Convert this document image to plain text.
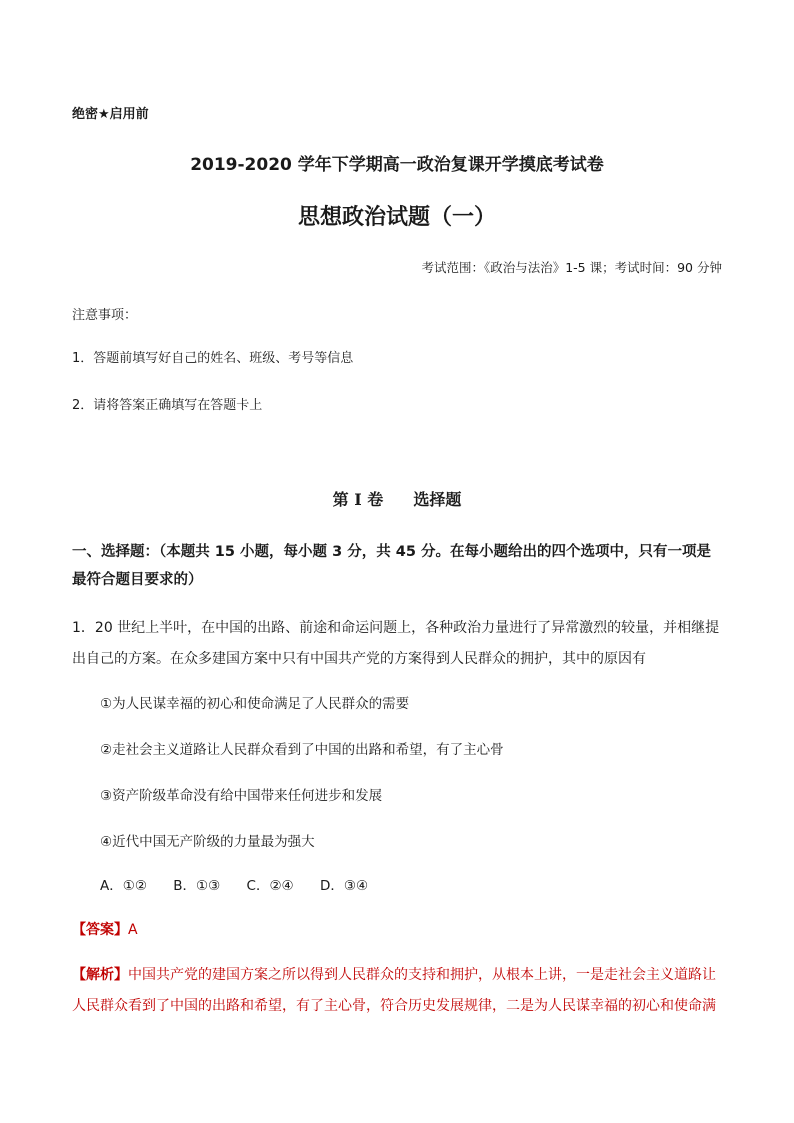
绝密★启用前
2019-2020 学年下学期高一政治复课开学摸底考试卷
思想政治试题（一）
考试范围：《政治与法治》1-5 课；考试时间：90 分钟
注意事项：
1．答题前填写好自己的姓名、班级、考号等信息
2．请将答案正确填写在答题卡上
第 I 卷 选择题
一、选择题：（本题共 15 小题，每小题 3 分，共 45 分。在每小题给出的四个选项中，只有一项是最符合题目要求的）
1．20 世纪上半叶，在中国的出路、前途和命运问题上，各种政治力量进行了异常激烈的较量，并相继提出自己的方案。在众多建国方案中只有中国共产党的方案得到人民群众的拥护，其中的原因有
①为人民谋幸福的初心和使命满足了人民群众的需要
②走社会主义道路让人民群众看到了中国的出路和希望，有了主心骨
③资产阶级革命没有给中国带来任何进步和发展
④近代中国无产阶级的力量最为强大
A．①② B．①③ C．②④ D．③④
【答案】A
【解析】中国共产党的建国方案之所以得到人民群众的支持和拥护，从根本上讲，一是走社会主义道路让人民群众看到了中国的出路和希望，有了主心骨，符合历史发展规律，二是为人民谋幸福的初心和使命满
